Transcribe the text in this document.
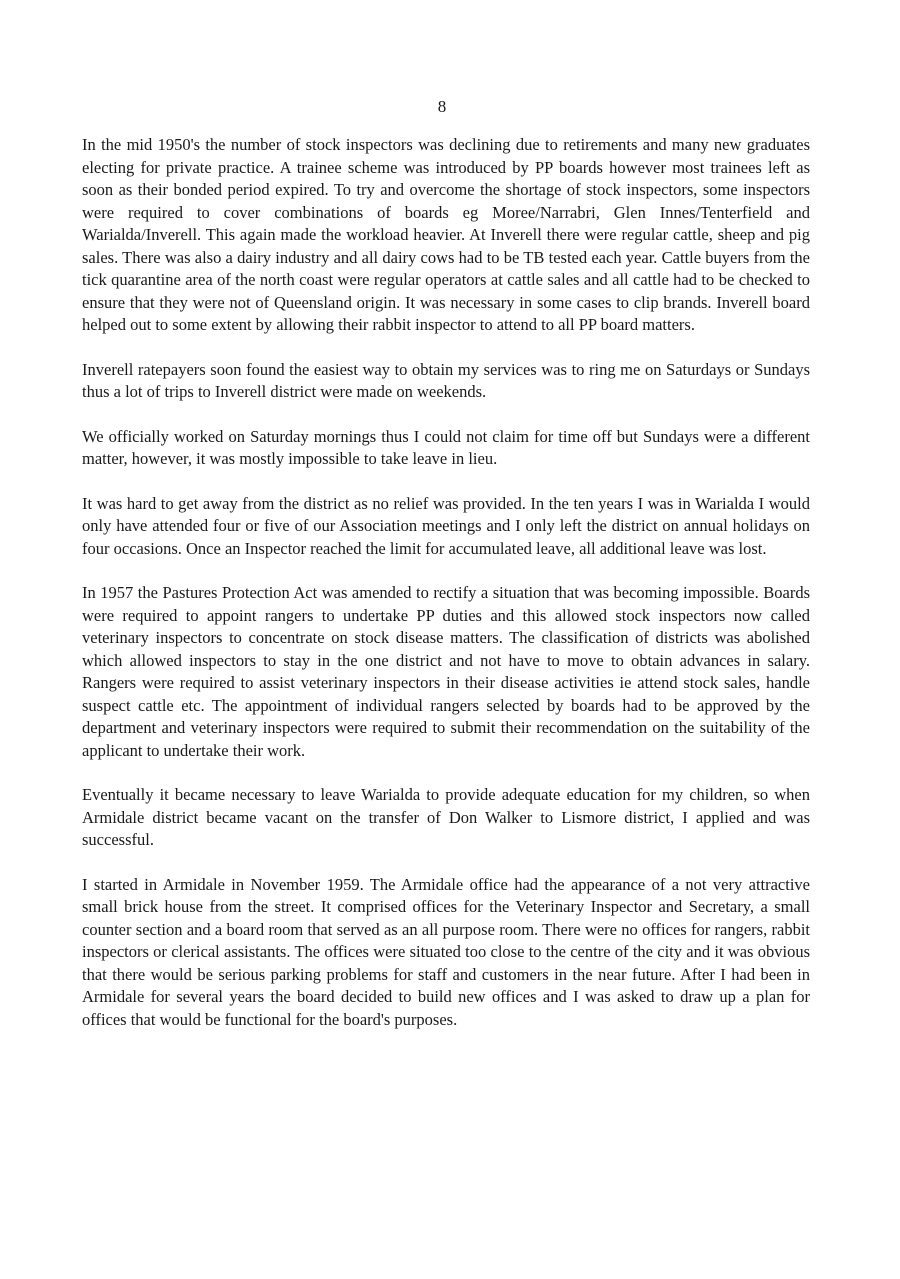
8

In the mid 1950's the number of stock inspectors was declining due to retirements and many new graduates electing for private practice. A trainee scheme was introduced by PP boards however most trainees left as soon as their bonded period expired. To try and overcome the shortage of stock inspectors, some inspectors were required to cover combinations of boards eg Moree/Narrabri, Glen Innes/Tenterfield and Warialda/Inverell. This again made the workload heavier. At Inverell there were regular cattle, sheep and pig sales. There was also a dairy industry and all dairy cows had to be TB tested each year. Cattle buyers from the tick quarantine area of the north coast were regular operators at cattle sales and all cattle had to be checked to ensure that they were not of Queensland origin. It was necessary in some cases to clip brands. Inverell board helped out to some extent by allowing their rabbit inspector to attend to all PP board matters.

Inverell ratepayers soon found the easiest way to obtain my services was to ring me on Saturdays or Sundays thus a lot of trips to Inverell district were made on weekends.

We officially worked on Saturday mornings thus I could not claim for time off but Sundays were a different matter, however, it was mostly impossible to take leave in lieu.

It was hard to get away from the district as no relief was provided. In the ten years I was in Warialda I would only have attended four or five of our Association meetings and I only left the district on annual holidays on four occasions. Once an Inspector reached the limit for accumulated leave, all additional leave was lost.

In 1957 the Pastures Protection Act was amended to rectify a situation that was becoming impossible. Boards were required to appoint rangers to undertake PP duties and this allowed stock inspectors now called veterinary inspectors to concentrate on stock disease matters. The classification of districts was abolished which allowed inspectors to stay in the one district and not have to move to obtain advances in salary. Rangers were required to assist veterinary inspectors in their disease activities ie attend stock sales, handle suspect cattle etc. The appointment of individual rangers selected by boards had to be approved by the department and veterinary inspectors were required to submit their recommendation on the suitability of the applicant to undertake their work.

Eventually it became necessary to leave Warialda to provide adequate education for my children, so when Armidale district became vacant on the transfer of Don Walker to Lismore district, I applied and was successful.

I started in Armidale in November 1959. The Armidale office had the appearance of a not very attractive small brick house from the street. It comprised offices for the Veterinary Inspector and Secretary, a small counter section and a board room that served as an all purpose room. There were no offices for rangers, rabbit inspectors or clerical assistants. The offices were situated too close to the centre of the city and it was obvious that there would be serious parking problems for staff and customers in the near future. After I had been in Armidale for several years the board decided to build new offices and I was asked to draw up a plan for offices that would be functional for the board's purposes.
